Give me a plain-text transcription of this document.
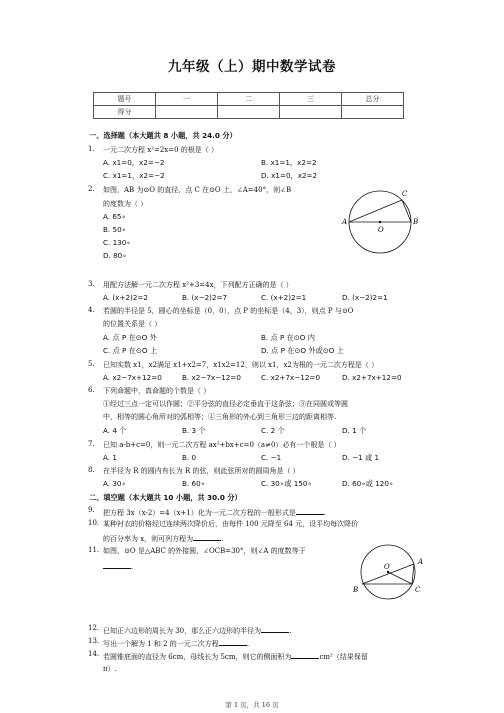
九年级（上）期中数学试卷
题号	一	二	三	总分
得分				
一、选择题（本大题共 8 小题，共 24.0 分）
1. 一元二次方程 x²=2x=0 的根是（ ）
A. x1=0，x2=−2	B. x1=1，x2=2
C. x1=1，x2=−2	D. x1=0，x2=2
2. 如图，AB 为⊙O 的直径，点 C 在⊙O 上，∠A=40°，则∠B
的度数为（ ）
A. 65∘
B. 50∘
C. 130∘
D. 80∘
A	B
C
O
3. 用配方法解一元二次方程 x²+3=4x，下列配方正确的是（ ）
A. (x+2)2=2	B. (x−2)2=7	C. (x+2)2=1	D. (x−2)2=1
4. 若圆的半径是 5，圆心的坐标是（0，0），点 P 的坐标是（4，3），则点 P 与⊙O
的位置关系是（ ）
A. 点 P 在⊙O 外	B. 点 P 在⊙O 内
C. 点 P 在⊙O 上	D. 点 P 在⊙O 外或⊙O 上
5. 已知实数 x1，x2满足 x1+x2=7，x1x2=12，则以 x1，x2为根的一元二次方程是（ ）
A. x2−7x+12=0	B. x2−7x−12=0	C. x2+7x−12=0	D. x2+7x+12=0
6. 下列命题中，真命题的个数是（ ）
①经过三点一定可以作圆；②平分弦的直径必定垂直于这条弦；③在同圆或等圆
中，相等的圆心角所对的弧相等；④三角形的外心到三角形三边的距离相等.
A. 4 个	B. 3 个	C. 2 个	D. 1 个
7. 已知 a-b+c=0，则一元二次方程 ax²+bx+c=0（a≠0）必有一个根是（ ）
A. 1	B. 0	C. −1	D. −1 或 1
8. 在半径为 R 的圆内有长为 R 的弦，则此弦所对的圆周角是（ ）
A. 30∘	B. 60∘	C. 30∘或 150∘	D. 60∘或 120∘
二、填空题（本大题共 10 小题，共 30.0 分）
9. 把方程 3x（x-2）=4（x+1）化为一元二次方程的一般形式是	.
10. 某种衬衣的价格经过连续两次降价后，由每件 100 元降至 64 元，设平均每次降价
的百分率为 x，则可列方程为	.
11. 如图，⊙O 是△ABC 的外接圆，∠OCB=30°，则∠A 的度数等于
.
A
B	C
O
12. 已知正六边形的周长为 30，那么正六边形的半径为	.
13. 写出一个解为 1 和 2 的一元二次方程	.
14. 若圆锥底面的直径为 6cm，母线长为 5cm，则它的侧面积为	cm²（结果保留
π）.
第 1 页，共 16 页
